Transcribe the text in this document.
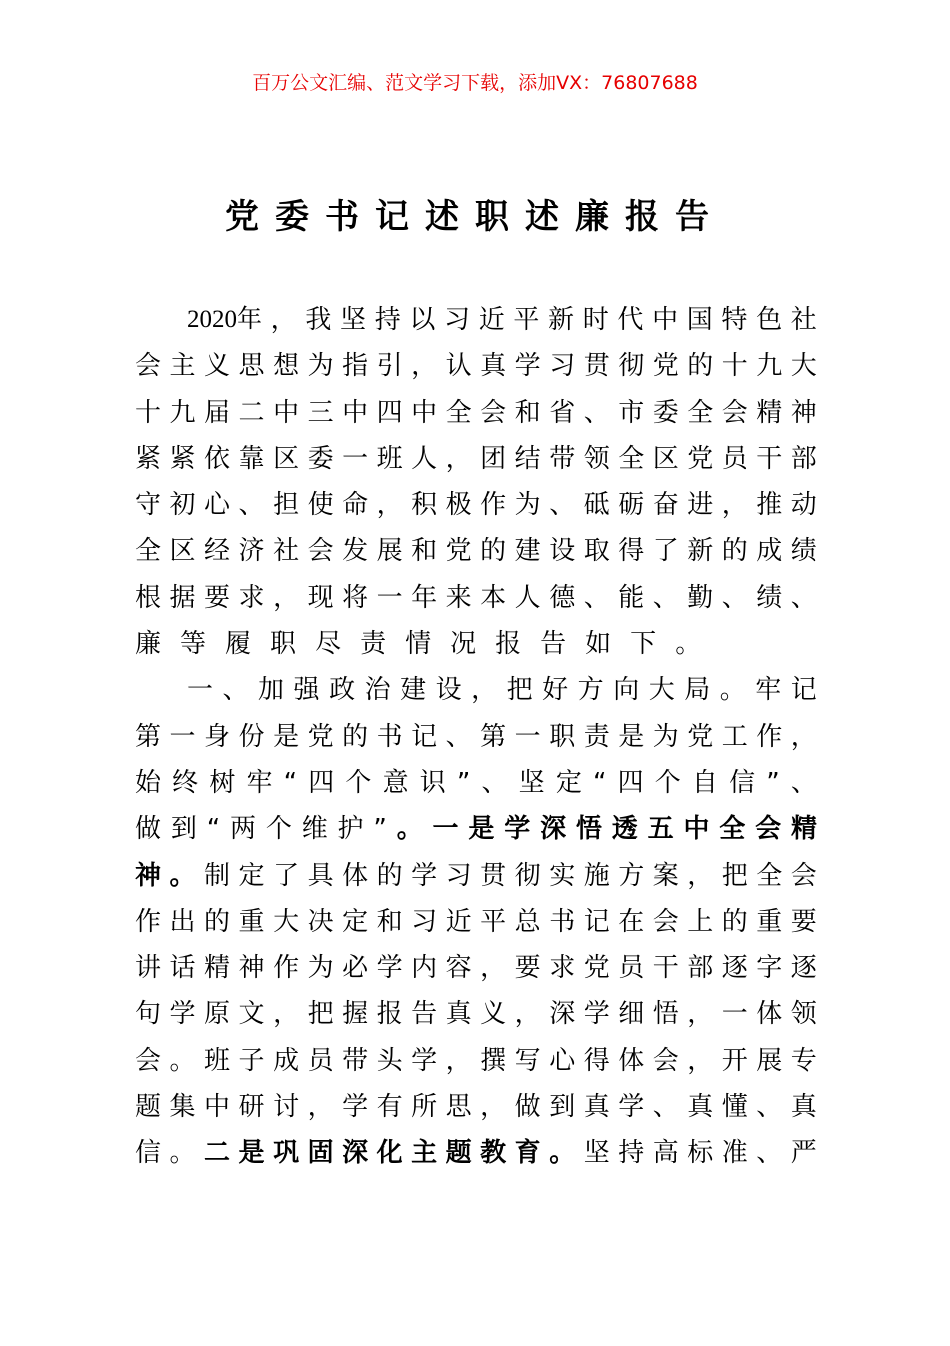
百万公文汇编、范文学习下载，添加VX：76807688
党委书记述职述廉报告
2020年 ， 我 坚 持 以 习 近 平 新 时 代 中 国 特 色 社
会 主 义 思 想 为 指 引 ， 认 真 学 习 贯 彻 党 的 十 九 大
十 九 届 二 中 三 中 四 中 全 会 和 省 、 市 委 全 会 精 神
紧 紧 依 靠 区 委 一 班 人 ， 团 结 带 领 全 区 党 员 干 部
守 初 心 、 担 使 命 ， 积 极 作 为 、 砥 砺 奋 进 ， 推 动
全 区 经 济 社 会 发 展 和 党 的 建 设 取 得 了 新 的 成 绩
根 据 要 求 ， 现 将 一 年 来 本 人 德 、 能 、 勤 、 绩 、
廉 等 履 职 尽 责 情 况 报 告 如 下 。
一 、 加 强 政 治 建 设 ， 把 好 方 向 大 局 。 牢 记
第 一 身 份 是 党 的 书 记 、 第 一 职 责 是 为 党 工 作 ，
始 终 树 牢 “ 四 个 意 识 ” 、 坚 定 “ 四 个 自 信 ” 、
做 到 “ 两 个 维 护 ” 。 一 是 学 深 悟 透 五 中 全 会 精
神 。 制 定 了 具 体 的 学 习 贯 彻 实 施 方 案 ， 把 全 会
作 出 的 重 大 决 定 和 习 近 平 总 书 记 在 会 上 的 重 要
讲 话 精 神 作 为 必 学 内 容 ， 要 求 党 员 干 部 逐 字 逐
句 学 原 文 ， 把 握 报 告 真 义 ， 深 学 细 悟 ， 一 体 领
会 。 班 子 成 员 带 头 学 ， 撰 写 心 得 体 会 ， 开 展 专
题 集 中 研 讨 ， 学 有 所 思 ， 做 到 真 学 、 真 懂 、 真
信 。 二 是 巩 固 深 化 主 题 教 育 。 坚 持 高 标 准 、 严
